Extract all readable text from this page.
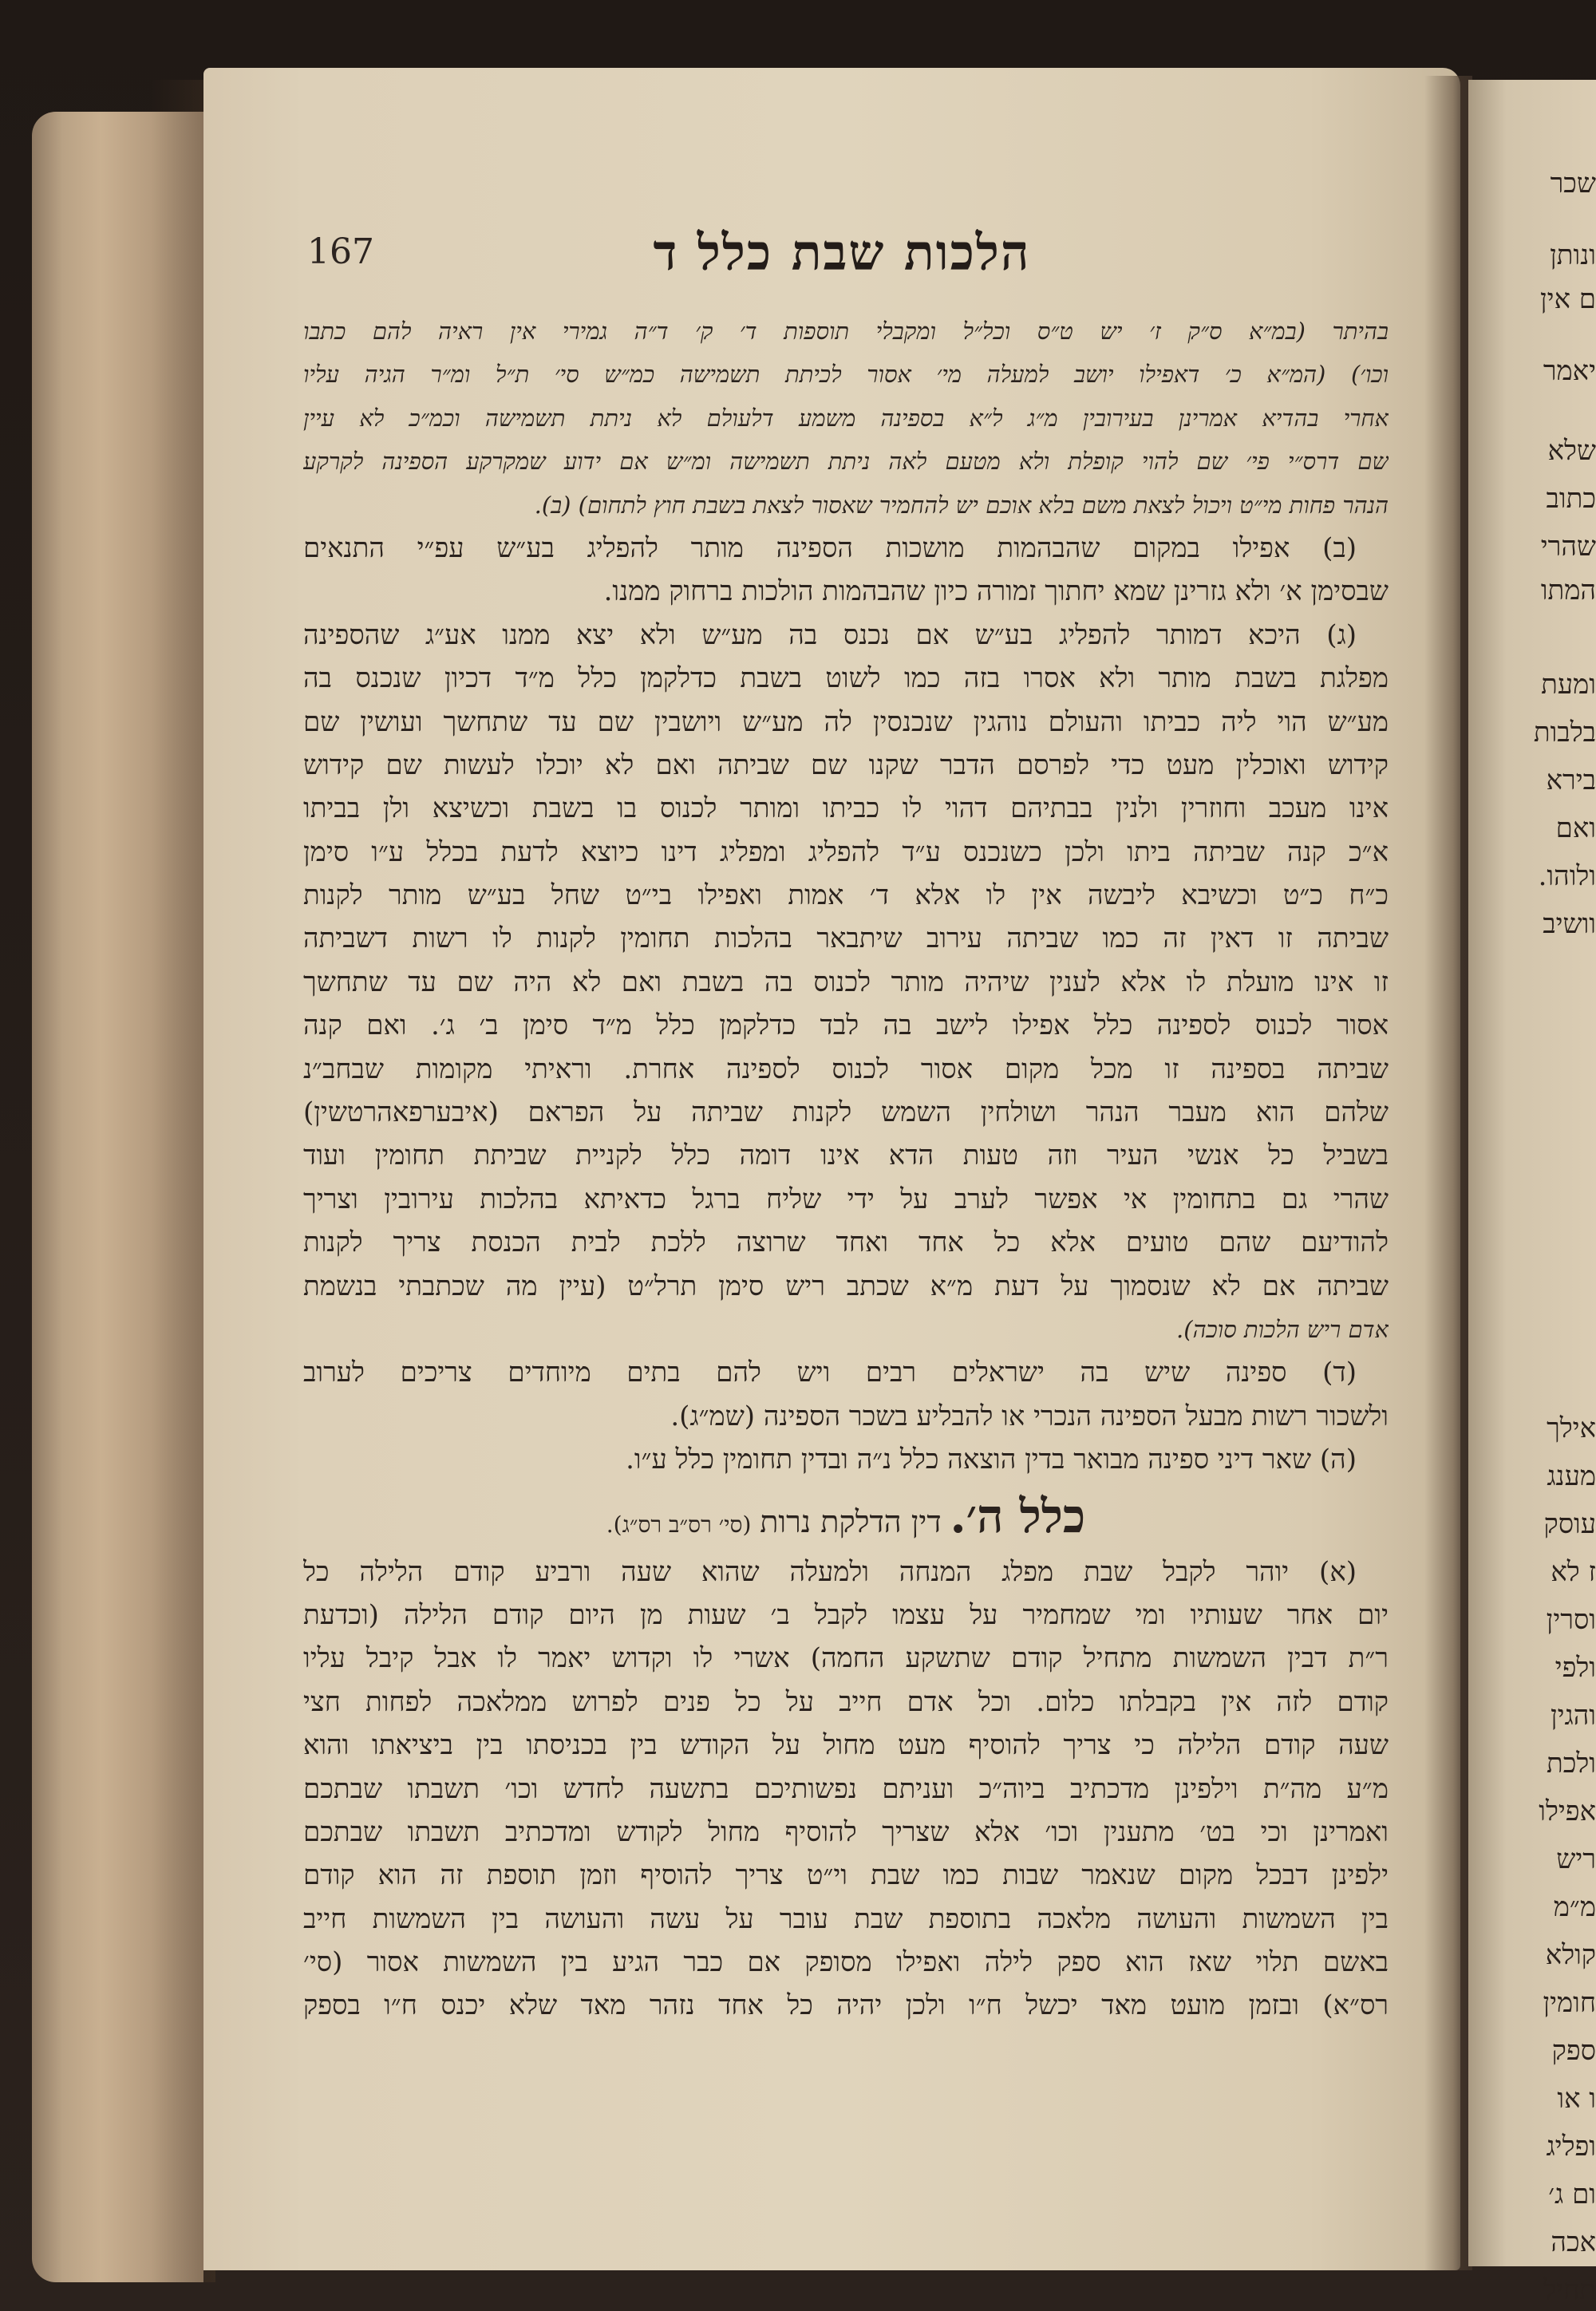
שכר
ונותן
ם אין
יאמר
שלא
כתוב
שהרי
המתו
ומעת
בלבות
בירא
ואם
ולוהו.
וושיב
אילך
מענג
עוסק
ז לא
וסרין
ולפי
והגין
ולכת
אפילו
ריש
מ״מ
קולא
חומין
ספק
ו או
ופליג
ום ג׳
אכה
תחיל
167	הלכות שבת כלל ד
בהיתר (במ״א ס״ק ז׳ יש ט״ס וכל״ל ומקבלי תוספות ד׳ ק׳ ד״ה גמירי אין ראיה להם כתבו
וכו׳) (המ״א כ׳ דאפילו יושב למעלה מי׳ אסור לכיתת תשמישה כמ״ש סי׳ ת״ל ומ״ר הגיה עליו
אחרי בהדיא אמרינן בעירובין מ״ג ל״א בספינה משמע דלעולם לא ניתת תשמישה וכמ״כ לא עיין
שם דרס״י פי׳ שם להוי קופלת ולא מטעם לאה ניתת תשמישה ומ״ש אם ידוע שמקרקע הספינה לקרקע
הנהר פחות מי״ט ויכול לצאת משם בלא אוכם יש להחמיר שאסור לצאת בשבת חוץ לתחום) (ב).
(ב) אפילו במקום שהבהמות מושכות הספינה מותר להפליג בע״ש עפ״י התנאים
שבסימן א׳ ולא גזרינן שמא יחתוך זמורה כיון שהבהמות הולכות ברחוק ממנו.
(ג) היכא דמותר להפליג בע״ש אם נכנס בה מע״ש ולא יצא ממנו אע״ג שהספינה
מפלגת בשבת מותר ולא אסרו בזה כמו לשוט בשבת כדלקמן כלל מ״ד דכיון שנכנס בה
מע״ש הוי ליה כביתו והעולם נוהגין שנכנסין לה מע״ש ויושבין שם עד שתחשך ועושין שם
קידוש ואוכלין מעט כדי לפרסם הדבר שקנו שם שביתה ואם לא יוכלו לעשות שם קידוש
אינו מעכב וחוזרין ולנין בבתיהם דהוי לו כביתו ומותר לכנוס בו בשבת וכשיצא ולן בביתו
א״כ קנה שביתה ביתו ולכן כשנכנס ע״ד להפליג ומפליג דינו כיוצא לדעת בכלל ע״ו סימן
כ״ח כ״ט וכשיבא ליבשה אין לו אלא ד׳ אמות ואפילו בי״ט שחל בע״ש מותר לקנות
שביתה זו דאין זה כמו שביתה עירוב שיתבאר בהלכות תחומין לקנות לו רשות דשביתה
זו אינו מועלת לו אלא לענין שיהיה מותר לכנוס בה בשבת ואם לא היה שם עד שתחשך
אסור לכנוס לספינה כלל אפילו לישב בה לבד כדלקמן כלל מ״ד סימן ב׳ ג׳. ואם קנה
שביתה בספינה זו מכל מקום אסור לכנוס לספינה אחרת. וראיתי מקומות שבחב״נ
שלהם הוא מעבר הנהר ושולחין השמש לקנות שביתה על הפראם (איבערפאהרטשין)
בשביל כל אנשי העיר וזה טעות הדא אינו דומה כלל לקניית שביתת תחומין ועוד
שהרי גם בתחומין אי אפשר לערב על ידי שליח ברגל כדאיתא בהלכות עירובין וצריך
להודיעם שהם טועים אלא כל אחד ואחד שרוצה ללכת לבית הכנסת צריך לקנות
שביתה אם לא שנסמוך על דעת מ״א שכתב ריש סימן תרל״ט (עיין מה שכתבתי בנשמת
אדם ריש הלכות סוכה).
(ד) ספינה שיש בה ישראלים רבים ויש להם בתים מיוחדים צריכים לערוב
ולשכור רשות מבעל הספינה הנכרי או להבליע בשכר הספינה (שמ״ג).
(ה) שאר דיני ספינה מבואר בדין הוצאה כלל נ״ה ובדין תחומין כלל ע״ו.
כלל ה׳. דין הדלקת נרות (סי׳ רס״ב רס״ג).
(א) יוהר לקבל שבת מפלג המנחה ולמעלה שהוא שעה ורביע קודם הלילה כל
יום אחר שעותיו ומי שמחמיר על עצמו לקבל ב׳ שעות מן היום קודם הלילה (וכדעת
ר״ת דבין השמשות מתחיל קודם שתשקע החמה) אשרי לו וקדוש יאמר לו אבל קיבל עליו
קודם לזה אין בקבלתו כלום. וכל אדם חייב על כל פנים לפרוש ממלאכה לפחות חצי
שעה קודם הלילה כי צריך להוסיף מעט מחול על הקודש בין בכניסתו בין ביציאתו והוא
מ״ע מה״ת וילפינן מדכתיב ביוה״כ ועניתם נפשותיכם בתשעה לחדש וכו׳ תשבתו שבתכם
ואמרינן וכי בט׳ מתענין וכו׳ אלא שצריך להוסיף מחול לקודש ומדכתיב תשבתו שבתכם
ילפינן דבכל מקום שנאמר שבות כמו שבת וי״ט צריך להוסיף וזמן תוספת זה הוא קודם
בין השמשות והעושה מלאכה בתוספת שבת עובר על עשה והעושה בין השמשות חייב
באשם תלוי שאז הוא ספק לילה ואפילו מסופק אם כבר הגיע בין השמשות אסור (סי׳
רס״א) ובזמן מועט מאד יכשל ח״ו ולכן יהיה כל אחד נזהר מאד שלא יכנס ח״ו בספק
